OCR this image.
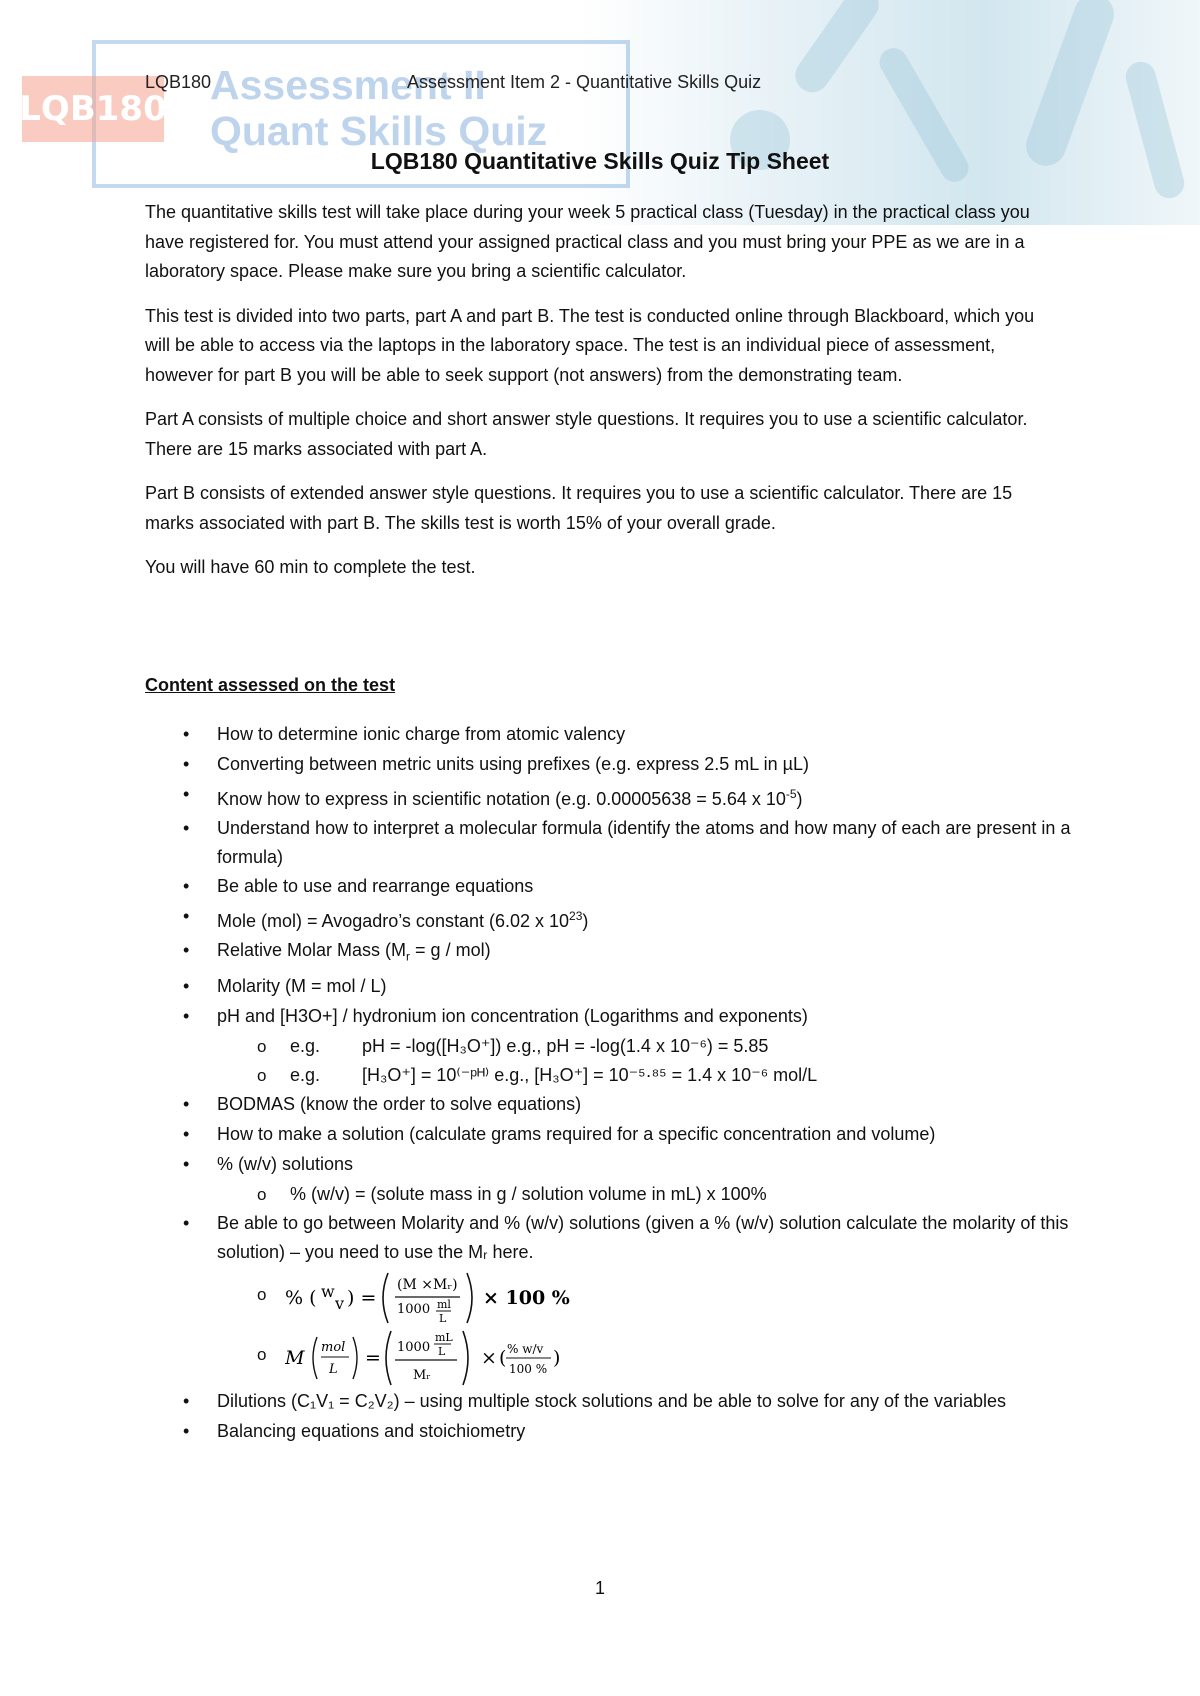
LQB180
Assessment II
Quant Skills Quiz
LQB180	Assessment Item 2 - Quantitative Skills Quiz
LQB180 Quantitative Skills Quiz Tip Sheet

The quantitative skills test will take place during your week 5 practical class (Tuesday) in the practical class you have registered for. You must attend your assigned practical class and you must bring your PPE as we are in a laboratory space. Please make sure you bring a scientific calculator.

This test is divided into two parts, part A and part B. The test is conducted online through Blackboard, which you will be able to access via the laptops in the laboratory space. The test is an individual piece of assessment, however for part B you will be able to seek support (not answers) from the demonstrating team.

Part A consists of multiple choice and short answer style questions. It requires you to use a scientific calculator. There are 15 marks associated with part A.

Part B consists of extended answer style questions. It requires you to use a scientific calculator. There are 15 marks associated with part B. The skills test is worth 15% of your overall grade.

You will have 60 min to complete the test.

Content assessed on the test
• How to determine ionic charge from atomic valency
• Converting between metric units using prefixes (e.g. express 2.5 mL in µL)
• Know how to express in scientific notation (e.g. 0.00005638 = 5.64 x $10^{-5}$)
• Understand how to interpret a molecular formula (identify the atoms and how many of each are present in a formula)
• Be able to use and rearrange equations
• Mole (mol) = Avogadro’s constant (6.02 x $10^{23}$)
• Relative Molar Mass $(M_r = g / mol)$
• Molarity (M = mol / L)
• pH and [H3O+] / hydronium ion concentration (Logarithms and exponents)
o e.g. pH = -log([H₃O⁺]) e.g., pH = -log(1.4 x 10⁻⁶) = 5.85
o e.g. [H₃O⁺] = 10⁽⁻ᵖᴴ⁾ e.g., [H₃O⁺] = 10⁻⁵·⁸⁵ = 1.4 x 10⁻⁶ mol/L
• BODMAS (know the order to solve equations)
• How to make a solution (calculate grams required for a specific concentration and volume)
• % (w/v) solutions
o % (w/v) = (solute mass in g / solution volume in mL) x 100%
• Be able to go between Molarity and % (w/v) solutions (given a % (w/v) solution calculate the molarity of this solution) – you need to use the Mᵣ here.
o % ( w
v ) =
(M ×Mᵣ)
1000 ml
L
× 100 %
o M mol
L
= 1000
mL
L
Mᵣ
× ( % w/v
100 % )
• Dilutions (C₁V₁ = C₂V₂) – using multiple stock solutions and be able to solve for any of the variables
• Balancing equations and stoichiometry
1
